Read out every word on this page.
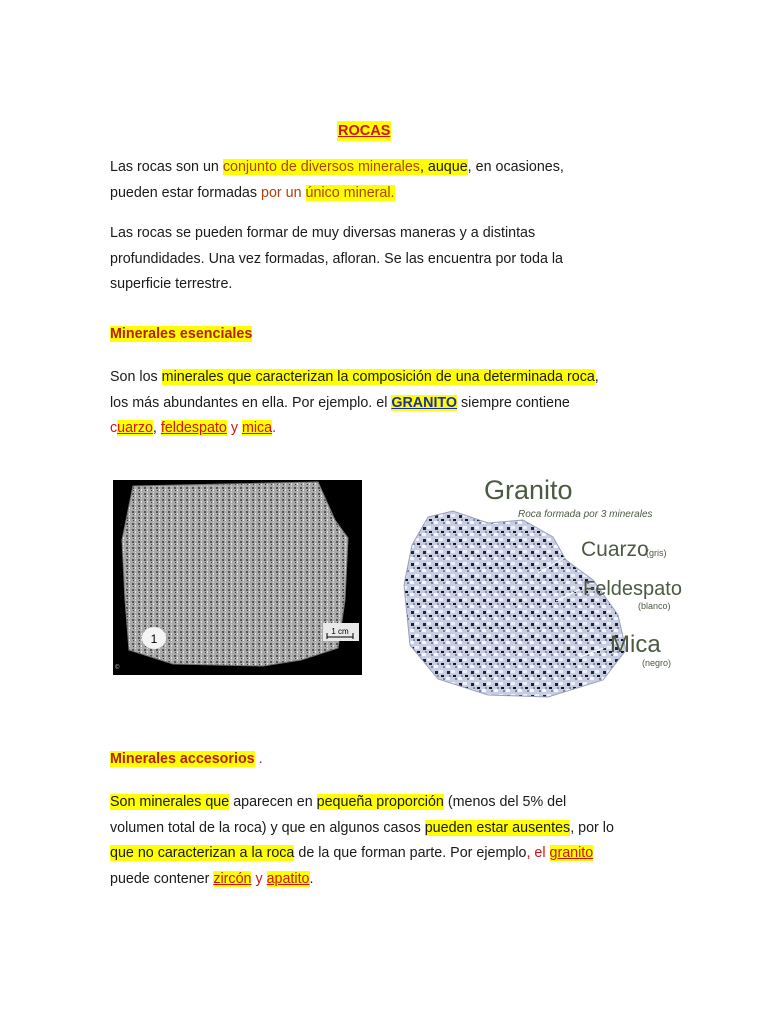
ROCAS
Las rocas son un conjunto de diversos minerales, auque, en ocasiones,
pueden estar formadas por un único mineral.
Las rocas se pueden formar de muy diversas maneras y a distintas
profundidades. Una vez formadas, afloran. Se las encuentra por toda la
superficie terrestre.
Minerales esenciales
Son los minerales que caracterizan la composición de una determinada roca,
los más abundantes en ella. Por ejemplo. el GRANITO siempre contiene
cuarzo, feldespato y mica.
1
1 cm
©
Granito
Roca formada por 3 minerales
Cuarzo
(gris)
Feldespato
(blanco)
Mica
(negro)
Minerales accesorios .
Son minerales que aparecen en pequeña proporción (menos del 5% del
volumen total de la roca) y que en algunos casos pueden estar ausentes, por lo
que no caracterizan a la roca de la que forman parte. Por ejemplo, el granito
puede contener zircón y apatito.
